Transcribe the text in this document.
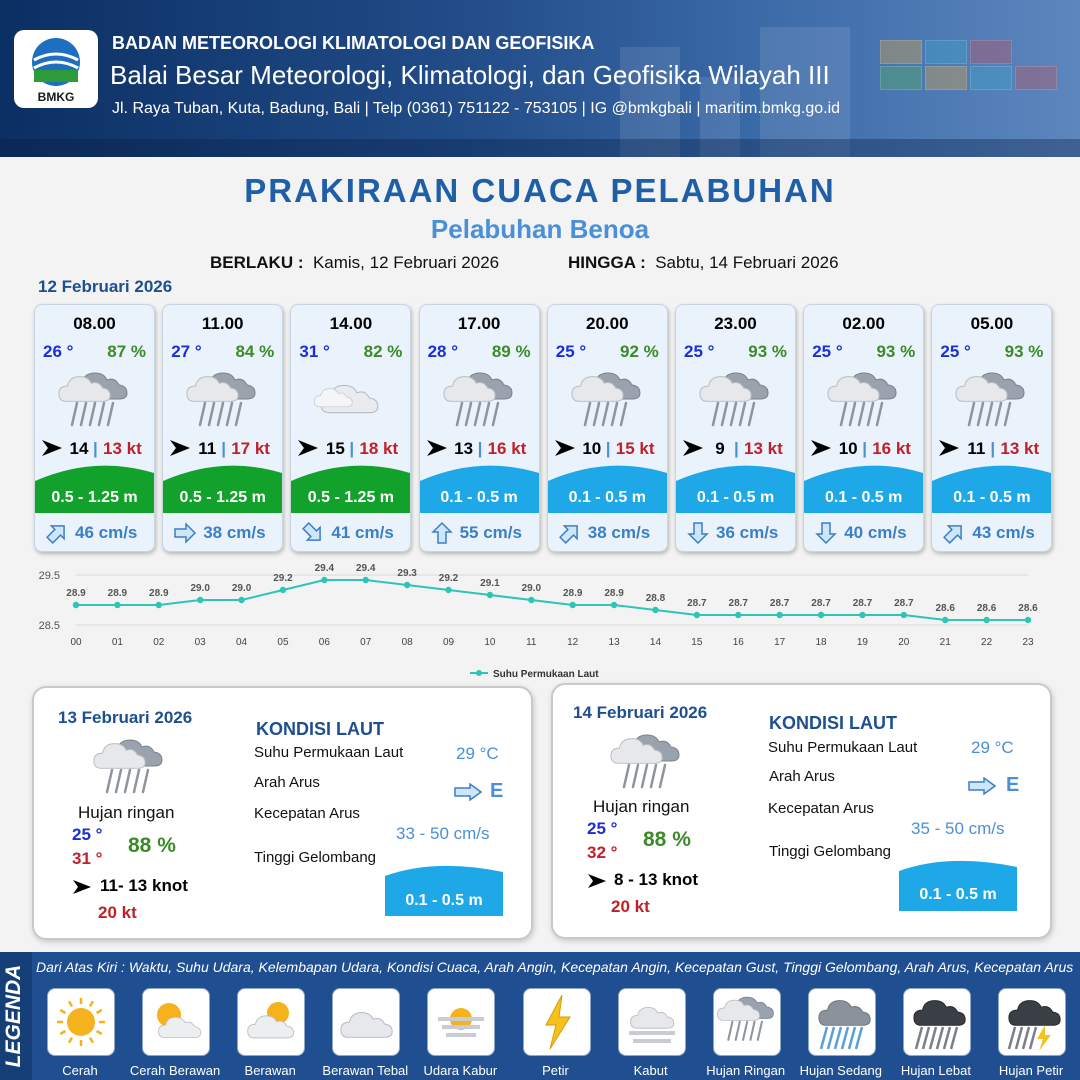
BMKG
BADAN METEOROLOGI KLIMATOLOGI DAN GEOFISIKA
Balai Besar Meteorologi, Klimatologi, dan Geofisika Wilayah III
Jl. Raya Tuban, Kuta, Badung, Bali | Telp (0361) 751122 - 753105 | IG @bmkgbali | maritim.bmkg.go.id
PRAKIRAAN CUACA PELABUHAN
Pelabuhan Benoa
BERLAKU : Kamis, 12 Februari 2026	HINGGA : Sabtu, 14 Februari 2026
12 Februari 2026
08.00
26 ° 87 %
14 | 13 kt
0.5 - 1.25 m
46 cm/s
11.00
27 ° 84 %
11 | 17 kt
0.5 - 1.25 m
38 cm/s
14.00
31 ° 82 %
15 | 18 kt
0.5 - 1.25 m
41 cm/s
17.00
28 ° 89 %
13 | 16 kt
0.1 - 0.5 m
55 cm/s
20.00
25 ° 92 %
10 | 15 kt
0.1 - 0.5 m
38 cm/s
23.00
25 ° 93 %
9 | 13 kt
0.1 - 0.5 m
36 cm/s
02.00
25 ° 93 %
10 | 16 kt
0.1 - 0.5 m
40 cm/s
05.00
25 ° 93 %
11 | 13 kt
0.1 - 0.5 m
43 cm/s
29.5
28.5
28.9
00
28.9
01
28.9
02
29.0
03
29.0
04
29.2
05
29.4
06
29.4
07
29.3
08
29.2
09
29.1
10
29.0
11
28.9
12
28.9
13
28.8
14
28.7
15
28.7
16
28.7
17
28.7
18
28.7
19
28.7
20
28.6
21
28.6
22
28.6
23
Suhu Permukaan Laut
13 Februari 2026
Hujan ringan
25 °
31 °
88 %
11- 13 knot
20 kt
KONDISI LAUT
Suhu Permukaan Laut	29 °C
Arah Arus	E
Kecepatan Arus
33 - 50 cm/s
Tinggi Gelombang
0.1 - 0.5 m
14 Februari 2026
Hujan ringan
25 °
32 °
88 %
8 - 13 knot
20 kt
KONDISI LAUT
Suhu Permukaan Laut	29 °C
Arah Arus	E
Kecepatan Arus
35 - 50 cm/s
Tinggi Gelombang
0.1 - 0.5 m
LEGENDA Dari Atas Kiri : Waktu, Suhu Udara, Kelembapan Udara, Kondisi Cuaca, Arah Angin, Kecepatan Angin, Kecepatan Gust, Tinggi Gelombang, Arah Arus, Kecepatan Arus
Cerah	Cerah Berawan	Berawan	Berawan Tebal	Udara Kabur	Petir	Kabut	Hujan Ringan	Hujan Sedang	Hujan Lebat	Hujan Petir
